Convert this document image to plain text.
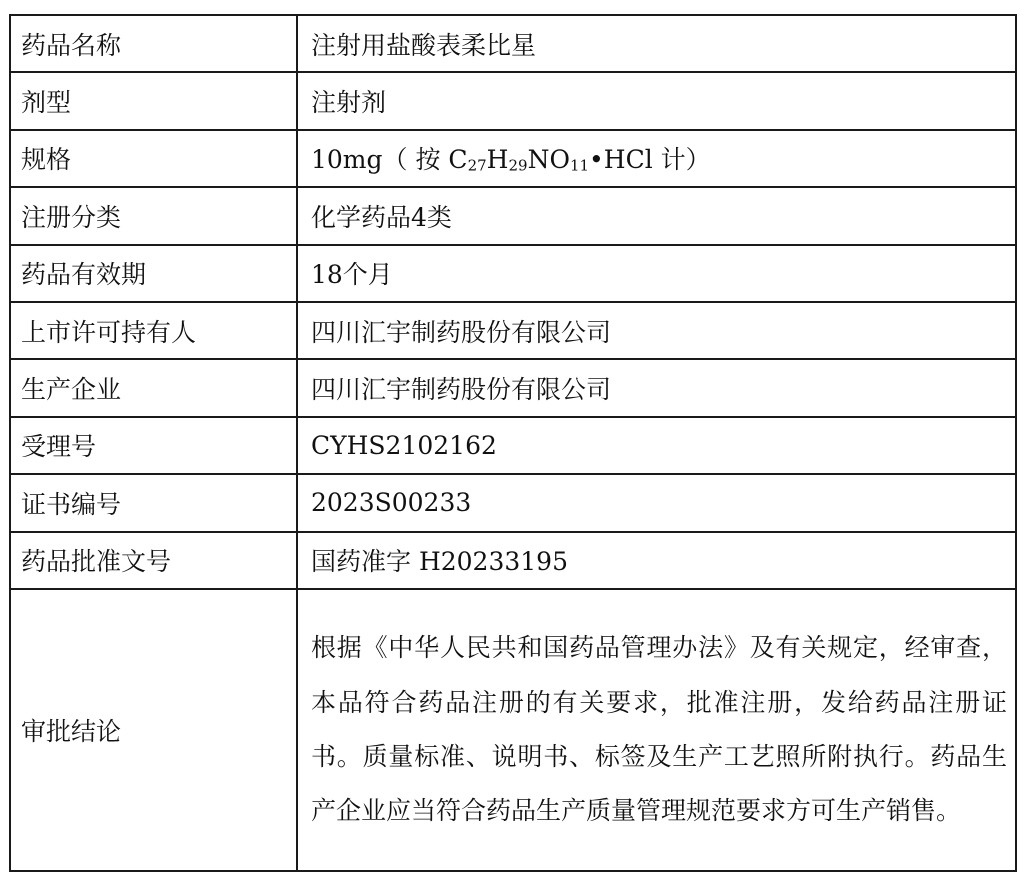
药品名称	注射用盐酸表柔比星
剂型	注射剂
规格	10mg（ 按 $C_{27}H_{29}NO_{11}•HCl$ 计）
注册分类	化学药品4类
药品有效期	18个月
上市许可持有人	四川汇宇制药股份有限公司
生产企业	四川汇宇制药股份有限公司
受理号	CYHS2102162
证书编号	2023S00233
药品批准文号	国药准字 H20233195
审批结论	根据《中华人民共和国药品管理办法》及有关规定，经审查，本品符合药品注册的有关要求，批准注册，发给药品注册证书。质量标准、说明书、标签及生产工艺照所附执行。药品生产企业应当符合药品生产质量管理规范要求方可生产销售。
